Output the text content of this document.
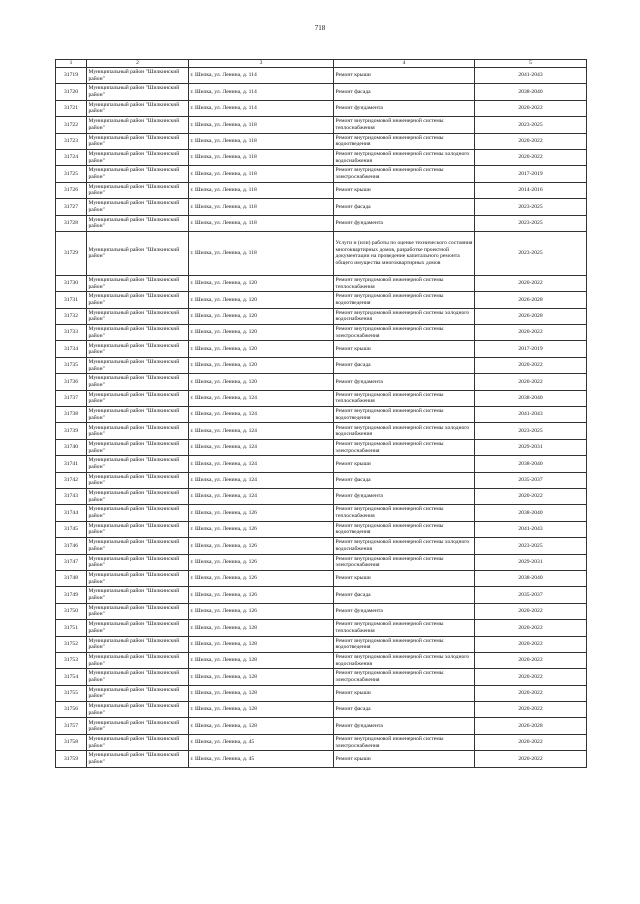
718
1	2	3	4	5
31719	Муниципальный район "Шилкинский район"	г. Шилка, ул. Ленина, д. 114	Ремонт крыши	2041-2043
31720	Муниципальный район "Шилкинский район"	г. Шилка, ул. Ленина, д. 114	Ремонт фасада	2038-2040
31721	Муниципальный район "Шилкинский район"	г. Шилка, ул. Ленина, д. 114	Ремонт фундамента	2020-2022
31722	Муниципальный район "Шилкинский район"	г. Шилка, ул. Ленина, д. 118	Ремонт внутридомовой инженерной системы теплоснабжения	2023-2025
31723	Муниципальный район "Шилкинский район"	г. Шилка, ул. Ленина, д. 118	Ремонт внутридомовой инженерной системы водоотведения	2020-2022
31724	Муниципальный район "Шилкинский район"	г. Шилка, ул. Ленина, д. 118	Ремонт внутридомовой инженерной системы холодного водоснабжения	2020-2022
31725	Муниципальный район "Шилкинский район"	г. Шилка, ул. Ленина, д. 118	Ремонт внутридомовой инженерной системы электроснабжения	2017-2019
31726	Муниципальный район "Шилкинский район"	г. Шилка, ул. Ленина, д. 118	Ремонт крыши	2014-2016
31727	Муниципальный район "Шилкинский район"	г. Шилка, ул. Ленина, д. 118	Ремонт фасада	2023-2025
31728	Муниципальный район "Шилкинский район"	г. Шилка, ул. Ленина, д. 118	Ремонт фундамента	2023-2025
31729	Муниципальный район "Шилкинский район"	г. Шилка, ул. Ленина, д. 118	Услуги и (или) работы по оценке технического состояния многоквартирных домов, разработке проектной документации на проведение капитального ремонта общего имущества многоквартирных домов	2023-2025
31730	Муниципальный район "Шилкинский район"	г. Шилка, ул. Ленина, д. 120	Ремонт внутридомовой инженерной системы теплоснабжения	2020-2022
31731	Муниципальный район "Шилкинский район"	г. Шилка, ул. Ленина, д. 120	Ремонт внутридомовой инженерной системы водоотведения	2026-2028
31732	Муниципальный район "Шилкинский район"	г. Шилка, ул. Ленина, д. 120	Ремонт внутридомовой инженерной системы холодного водоснабжения	2026-2028
31733	Муниципальный район "Шилкинский район"	г. Шилка, ул. Ленина, д. 120	Ремонт внутридомовой инженерной системы электроснабжения	2020-2022
31734	Муниципальный район "Шилкинский район"	г. Шилка, ул. Ленина, д. 120	Ремонт крыши	2017-2019
31735	Муниципальный район "Шилкинский район"	г. Шилка, ул. Ленина, д. 120	Ремонт фасада	2020-2022
31736	Муниципальный район "Шилкинский район"	г. Шилка, ул. Ленина, д. 120	Ремонт фундамента	2020-2022
31737	Муниципальный район "Шилкинский район"	г. Шилка, ул. Ленина, д. 124	Ремонт внутридомовой инженерной системы теплоснабжения	2038-2040
31738	Муниципальный район "Шилкинский район"	г. Шилка, ул. Ленина, д. 124	Ремонт внутридомовой инженерной системы водоотведения	2041-2043
31739	Муниципальный район "Шилкинский район"	г. Шилка, ул. Ленина, д. 124	Ремонт внутридомовой инженерной системы холодного водоснабжения	2023-2025
31740	Муниципальный район "Шилкинский район"	г. Шилка, ул. Ленина, д. 124	Ремонт внутридомовой инженерной системы электроснабжения	2029-2031
31741	Муниципальный район "Шилкинский район"	г. Шилка, ул. Ленина, д. 124	Ремонт крыши	2038-2040
31742	Муниципальный район "Шилкинский район"	г. Шилка, ул. Ленина, д. 124	Ремонт фасада	2035-2037
31743	Муниципальный район "Шилкинский район"	г. Шилка, ул. Ленина, д. 124	Ремонт фундамента	2020-2022
31744	Муниципальный район "Шилкинский район"	г. Шилка, ул. Ленина, д. 126	Ремонт внутридомовой инженерной системы теплоснабжения	2038-2040
31745	Муниципальный район "Шилкинский район"	г. Шилка, ул. Ленина, д. 126	Ремонт внутридомовой инженерной системы водоотведения	2041-2043
31746	Муниципальный район "Шилкинский район"	г. Шилка, ул. Ленина, д. 126	Ремонт внутридомовой инженерной системы холодного водоснабжения	2023-2025
31747	Муниципальный район "Шилкинский район"	г. Шилка, ул. Ленина, д. 126	Ремонт внутридомовой инженерной системы электроснабжения	2029-2031
31748	Муниципальный район "Шилкинский район"	г. Шилка, ул. Ленина, д. 126	Ремонт крыши	2038-2040
31749	Муниципальный район "Шилкинский район"	г. Шилка, ул. Ленина, д. 126	Ремонт фасада	2035-2037
31750	Муниципальный район "Шилкинский район"	г. Шилка, ул. Ленина, д. 126	Ремонт фундамента	2020-2022
31751	Муниципальный район "Шилкинский район"	г. Шилка, ул. Ленина, д. 128	Ремонт внутридомовой инженерной системы теплоснабжения	2020-2022
31752	Муниципальный район "Шилкинский район"	г. Шилка, ул. Ленина, д. 128	Ремонт внутридомовой инженерной системы водоотведения	2020-2022
31753	Муниципальный район "Шилкинский район"	г. Шилка, ул. Ленина, д. 128	Ремонт внутридомовой инженерной системы холодного водоснабжения	2020-2022
31754	Муниципальный район "Шилкинский район"	г. Шилка, ул. Ленина, д. 128	Ремонт внутридомовой инженерной системы электроснабжения	2020-2022
31755	Муниципальный район "Шилкинский район"	г. Шилка, ул. Ленина, д. 128	Ремонт крыши	2020-2022
31756	Муниципальный район "Шилкинский район"	г. Шилка, ул. Ленина, д. 128	Ремонт фасада	2020-2022
31757	Муниципальный район "Шилкинский район"	г. Шилка, ул. Ленина, д. 128	Ремонт фундамента	2026-2028
31758	Муниципальный район "Шилкинский район"	г. Шилка, ул. Ленина, д. 45	Ремонт внутридомовой инженерной системы электроснабжения	2020-2022
31759	Муниципальный район "Шилкинский район"	г. Шилка, ул. Ленина, д. 45	Ремонт крыши	2020-2022
